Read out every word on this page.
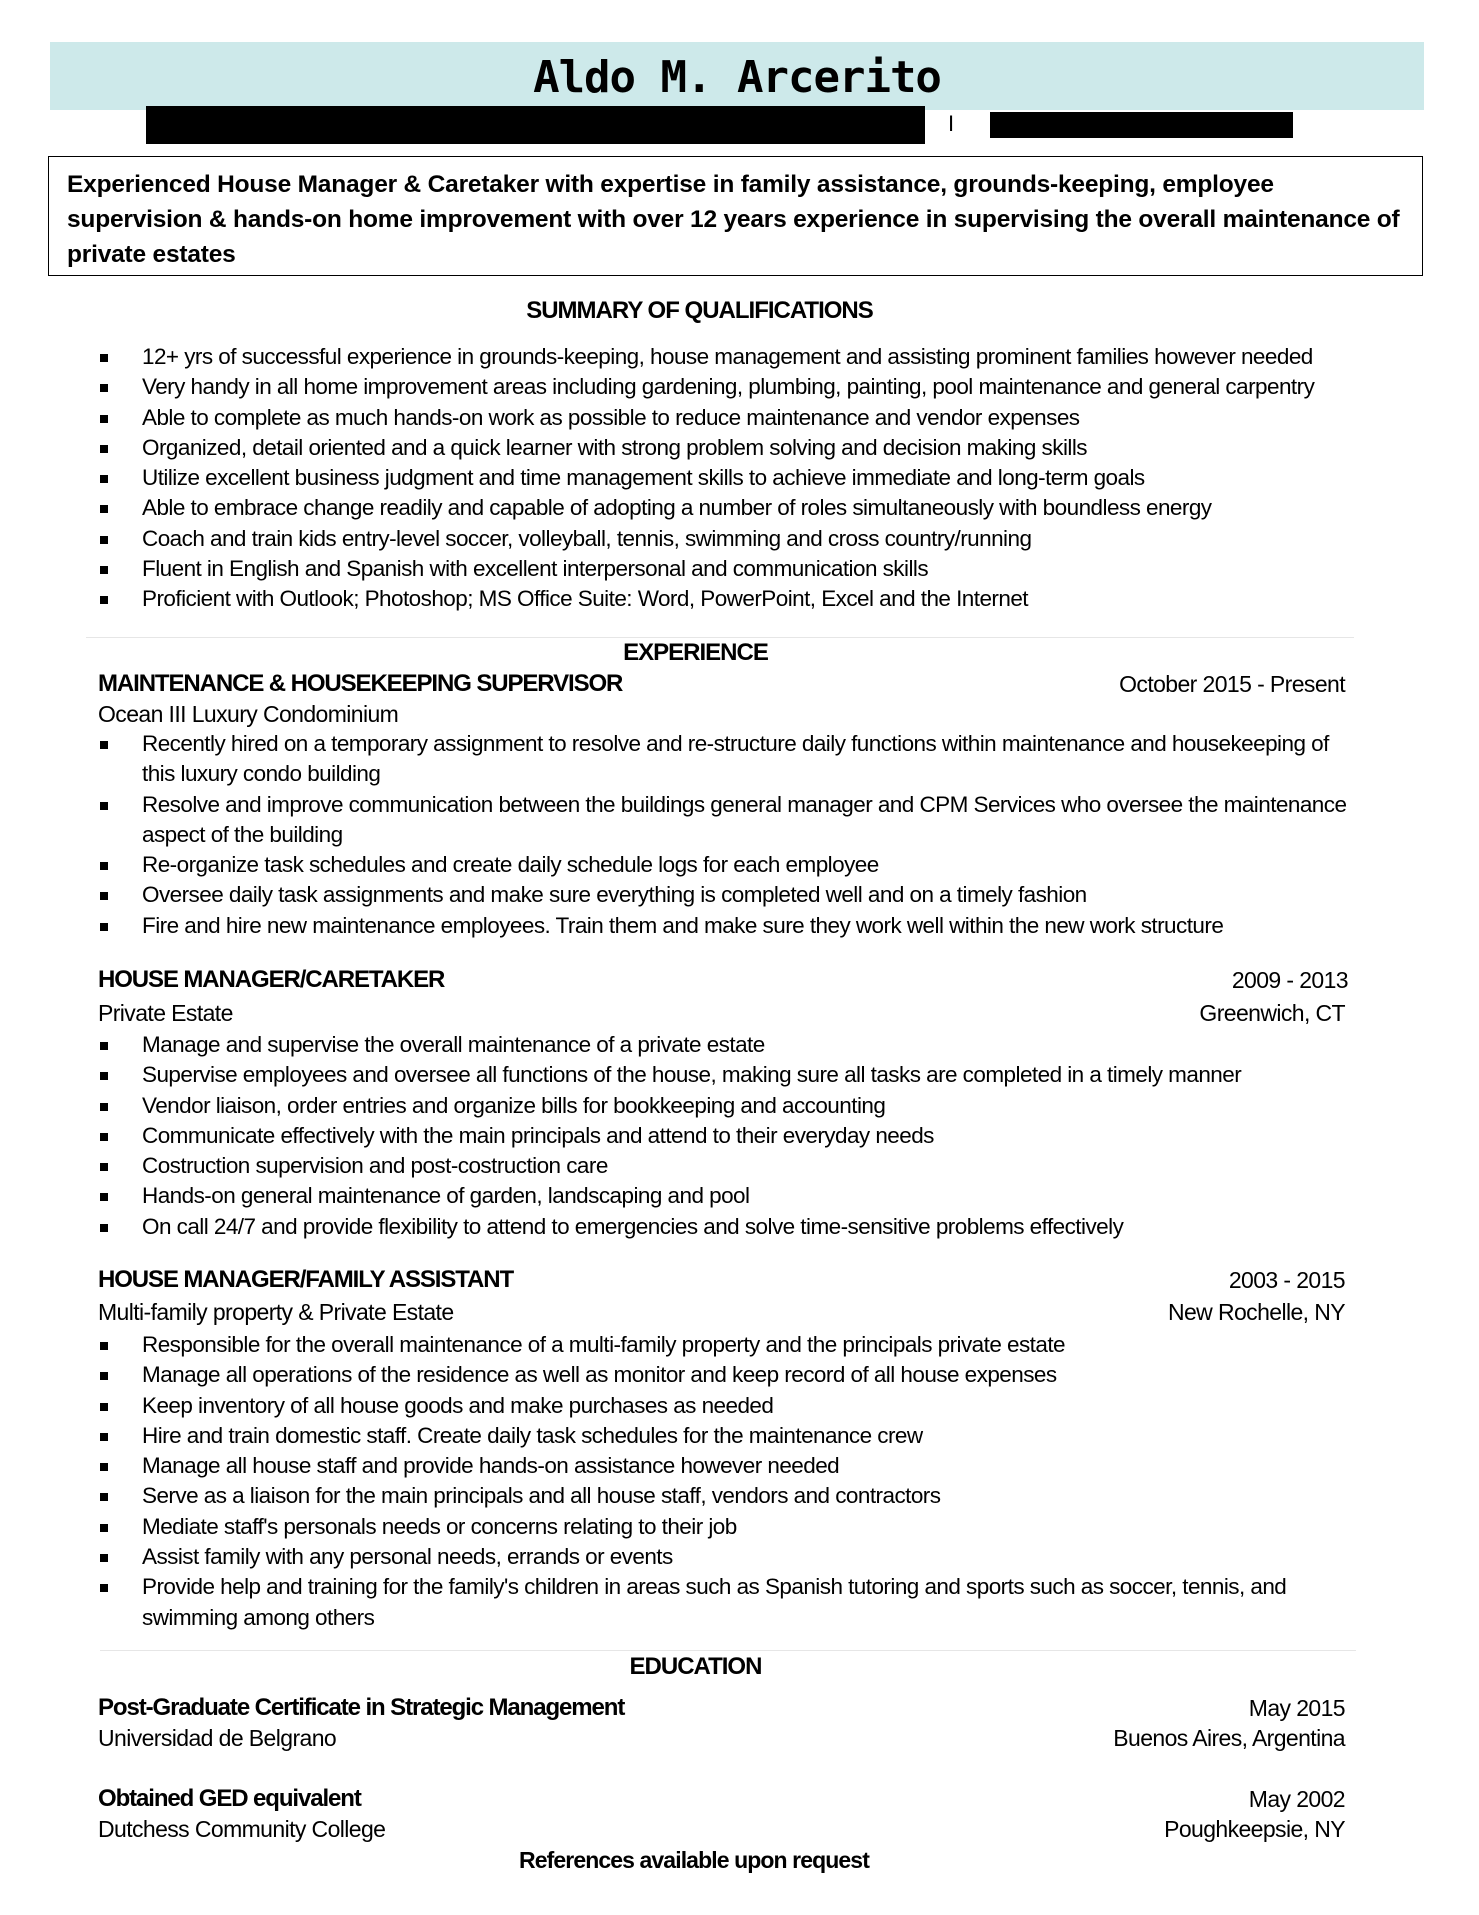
Aldo M. Arcerito
I

Experienced House Manager & Caretaker with expertise in family assistance, grounds-keeping, employee supervision & hands-on home improvement with over 12 years experience in supervising the overall maintenance of private estates

SUMMARY OF QUALIFICATIONS
12+ yrs of successful experience in grounds-keeping, house management and assisting prominent families however needed
Very handy in all home improvement areas including gardening, plumbing, painting, pool maintenance and general carpentry
Able to complete as much hands-on work as possible to reduce maintenance and vendor expenses
Organized, detail oriented and a quick learner with strong problem solving and decision making skills
Utilize excellent business judgment and time management skills to achieve immediate and long-term goals
Able to embrace change readily and capable of adopting a number of roles simultaneously with boundless energy
Coach and train kids entry-level soccer, volleyball, tennis, swimming and cross country/running
Fluent in English and Spanish with excellent interpersonal and communication skills
Proficient with Outlook; Photoshop; MS Office Suite: Word, PowerPoint, Excel and the Internet
EXPERIENCE
MAINTENANCE & HOUSEKEEPING SUPERVISOR	October 2015 - Present
Ocean III Luxury Condominium
Recently hired on a temporary assignment to resolve and re-structure daily functions within maintenance and housekeeping of this luxury condo building
Resolve and improve communication between the buildings general manager and CPM Services who oversee the maintenance aspect of the building
Re-organize task schedules and create daily schedule logs for each employee
Oversee daily task assignments and make sure everything is completed well and on a timely fashion
Fire and hire new maintenance employees. Train them and make sure they work well within the new work structure
HOUSE MANAGER/CARETAKER	2009 - 2013
Private Estate	Greenwich, CT
Manage and supervise the overall maintenance of a private estate
Supervise employees and oversee all functions of the house, making sure all tasks are completed in a timely manner
Vendor liaison, order entries and organize bills for bookkeeping and accounting
Communicate effectively with the main principals and attend to their everyday needs
Costruction supervision and post-costruction care
Hands-on general maintenance of garden, landscaping and pool
On call 24/7 and provide flexibility to attend to emergencies and solve time-sensitive problems effectively
HOUSE MANAGER/FAMILY ASSISTANT	2003 - 2015
Multi-family property & Private Estate	New Rochelle, NY
Responsible for the overall maintenance of a multi-family property and the principals private estate
Manage all operations of the residence as well as monitor and keep record of all house expenses
Keep inventory of all house goods and make purchases as needed
Hire and train domestic staff. Create daily task schedules for the maintenance crew
Manage all house staff and provide hands-on assistance however needed
Serve as a liaison for the main principals and all house staff, vendors and contractors
Mediate staff's personals needs or concerns relating to their job
Assist family with any personal needs, errands or events
Provide help and training for the family's children in areas such as Spanish tutoring and sports such as soccer, tennis, and swimming among others
EDUCATION
Post-Graduate Certificate in Strategic Management	May 2015
Universidad de Belgrano	Buenos Aires, Argentina
Obtained GED equivalent	May 2002
Dutchess Community College	Poughkeepsie, NY
References available upon request
